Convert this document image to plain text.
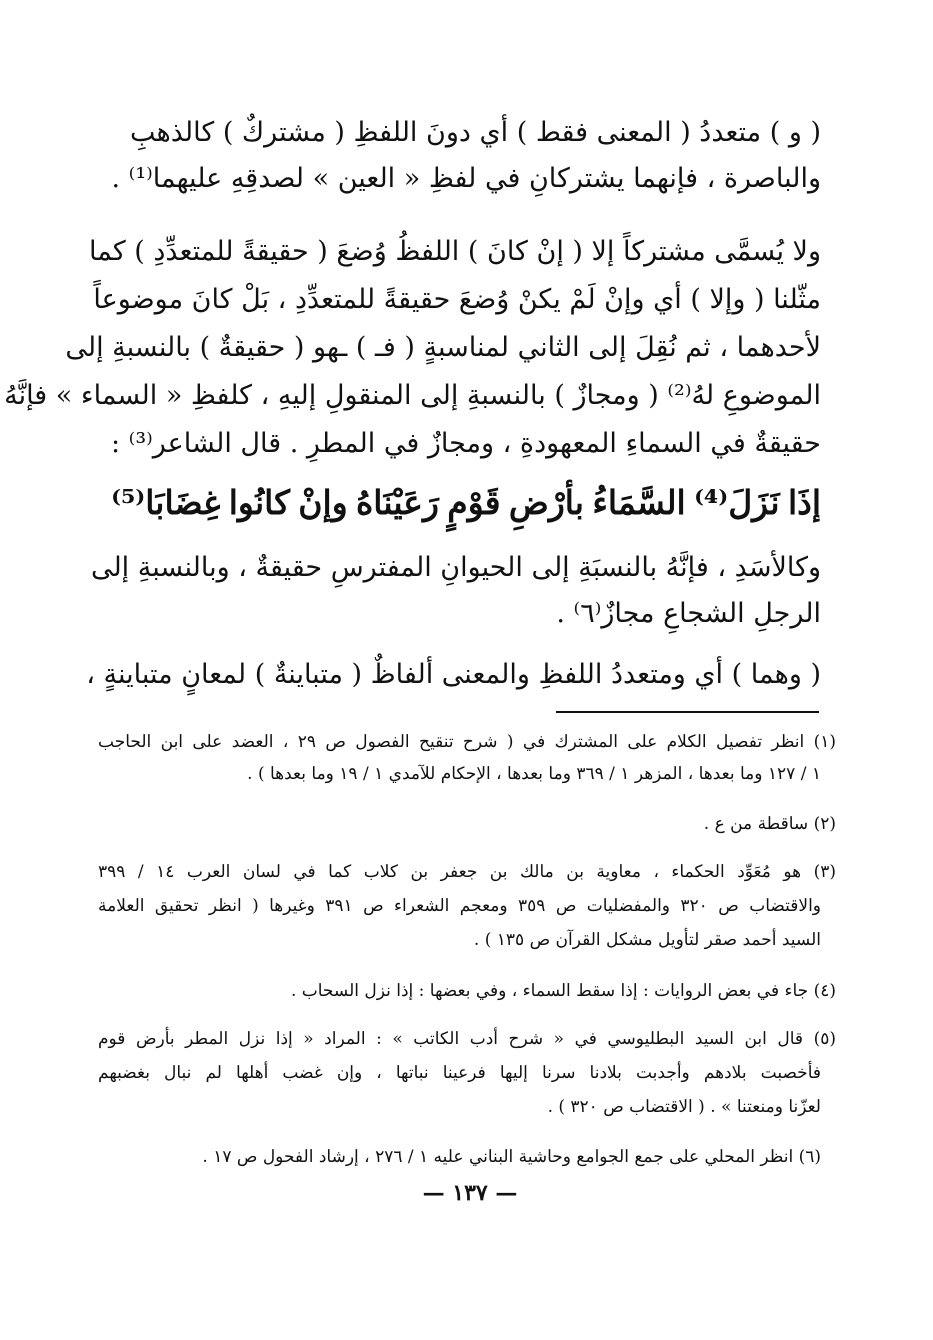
( و ) متعددُ ( المعنى فقط ) أي دونَ اللفظِ ( مشتركٌ ) كالذهبِ
والباصرة ، فإنهما يشتركانِ في لفظِ « العين » لصدقِهِ عليهما⁽¹⁾ .
ولا يُسمَّى مشتركاً إلا ( إنْ كانَ ) اللفظُ وُضعَ ( حقيقةً للمتعدِّدِ ) كما
مثّلنا ( وإلا ) أي وإنْ لَمْ يكنْ وُضعَ حقيقةً للمتعدِّدِ ، بَلْ كانَ موضوعاً
لأحدهما ، ثم نُقِلَ إلى الثاني لمناسبةٍ ( فـ ) ـهو ( حقيقةٌ ) بالنسبةِ إلى
الموضوعِ لهُ⁽²⁾ ( ومجازٌ ) بالنسبةِ إلى المنقولِ إليهِ ، كلفظِ « السماء » فإنَّهُ
حقيقةٌ في السماءِ المعهودةِ ، ومجازٌ في المطرِ . قال الشاعر⁽³⁾ :
إذَا
نَزَلَ⁽⁴⁾
السَّمَاءُ
بأرْضِ
قَوْمٍ
رَعَيْنَاهُ
وإنْ
كانُوا
غِضَابَا⁽⁵⁾
وكالأسَدِ ، فإنَّهُ بالنسبَةِ إلى الحيوانِ المفترسِ حقيقةٌ ، وبالنسبةِ إلى
الرجلِ الشجاعِ مجازٌ⁽٦⁾ .
( وهما ) أي ومتعددُ اللفظِ والمعنى ألفاظٌ ( متباينةٌ ) لمعانٍ متباينةٍ ،
(١) انظر تفصيل الكلام على المشترك في ( شرح تنقيح الفصول ص ٢٩ ، العضد على ابن الحاجب
١ / ١٢٧ وما بعدها ، المزهر ١ / ٣٦٩ وما بعدها ، الإحكام للآمدي ١ / ١٩ وما بعدها ) .
(٢) ساقطة من ع .
(٣) هو مُعَوِّد الحكماء ، معاوية بن مالك بن جعفر بن كلاب كما في لسان العرب ١٤ / ٣٩٩
والاقتضاب ص ٣٢٠ والمفضليات ص ٣٥٩ ومعجم الشعراء ص ٣٩١ وغيرها ( انظر تحقيق العلامة
السيد أحمد صقر لتأويل مشكل القرآن ص ١٣٥ ) .
(٤) جاء في بعض الروايات : إذا سقط السماء ، وفي بعضها : إذا نزل السحاب .
(٥) قال ابن السيد البطليوسي في « شرح أدب الكاتب » : المراد « إذا نزل المطر بأرض قوم
فأخصبت بلادهم وأجدبت بلادنا سرنا إليها فرعينا نباتها ، وإن غضب أهلها لم نبال بغضبهم
لعزّنا ومنعتنا » . ( الاقتضاب ص ٣٢٠ ) .
(٦) انظر المحلي على جمع الجوامع وحاشية البناني عليه ١ / ٢٧٦ ، إرشاد الفحول ص ١٧ .
— ١٣٧ —
